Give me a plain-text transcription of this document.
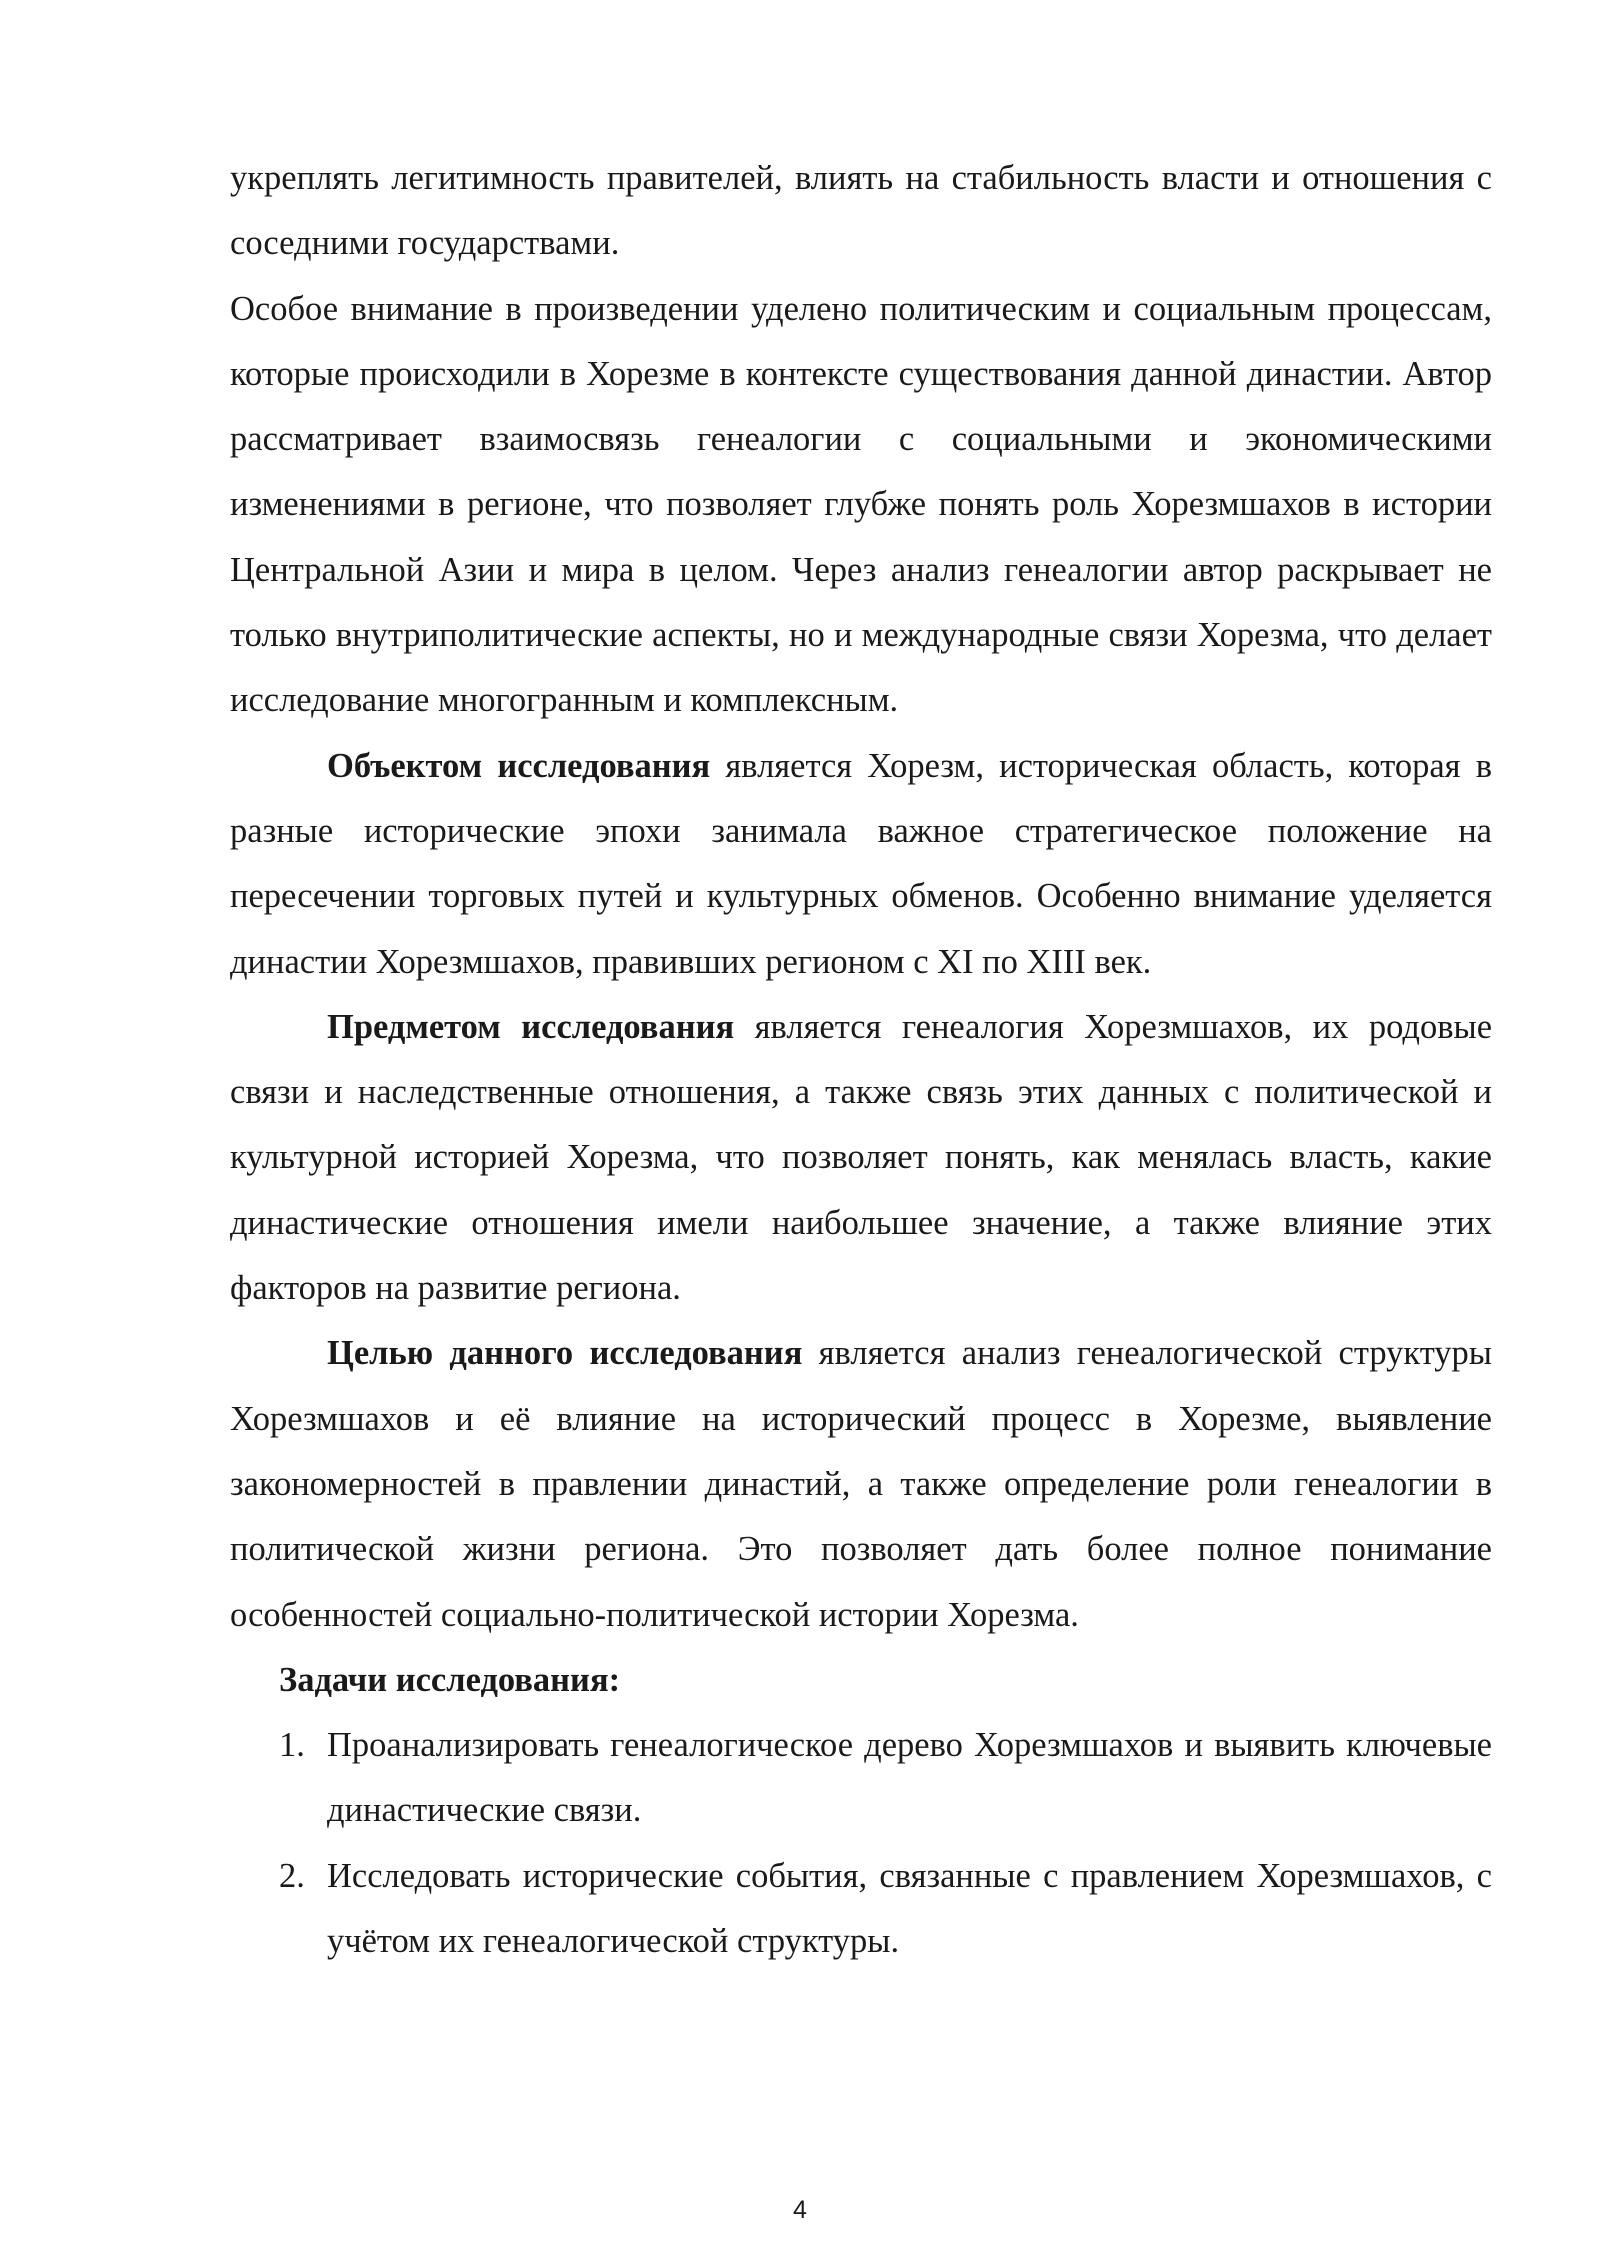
укреплять легитимность правителей, влиять на стабильность власти и отношения с соседними государствами.

Особое внимание в произведении уделено политическим и социальным процессам, которые происходили в Хорезме в контексте существования данной династии. Автор рассматривает взаимосвязь генеалогии с социальными и экономическими изменениями в регионе, что позволяет глубже понять роль Хорезмшахов в истории Центральной Азии и мира в целом. Через анализ генеалогии автор раскрывает не только внутриполитические аспекты, но и международные связи Хорезма, что делает исследование многогранным и комплексным.

Объектом исследования является Хорезм, историческая область, которая в разные исторические эпохи занимала важное стратегическое положение на пересечении торговых путей и культурных обменов. Особенно внимание уделяется династии Хорезмшахов, правивших регионом с XI по XIII век.

Предметом исследования является генеалогия Хорезмшахов, их родовые связи и наследственные отношения, а также связь этих данных с политической и культурной историей Хорезма, что позволяет понять, как менялась власть, какие династические отношения имели наибольшее значение, а также влияние этих факторов на развитие региона.

Целью данного исследования является анализ генеалогической структуры Хорезмшахов и её влияние на исторический процесс в Хорезме, выявление закономерностей в правлении династий, а также определение роли генеалогии в политической жизни региона. Это позволяет дать более полное понимание особенностей социально-политической истории Хорезма.

Задачи исследования:

1. Проанализировать генеалогическое дерево Хорезмшахов и выявить ключевые династические связи.
2. Исследовать исторические события, связанные с правлением Хорезмшахов, с учётом их генеалогической структуры.
4
